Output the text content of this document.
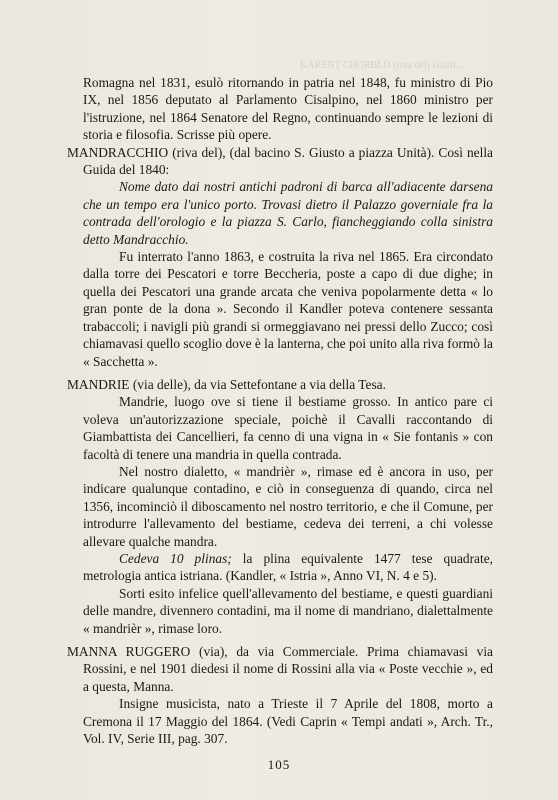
KARENT CHORBLO (riva del) Giard...

Romagna nel 1831, esulò ritornando in patria nel 1848, fu ministro di Pio IX, nel 1856 deputato al Parlamento Cisalpino, nel 1860 ministro per l'istruzione, nel 1864 Senatore del Regno, continuando sempre le lezioni di storia e filosofia. Scrisse più opere.

MANDRACCHIO (riva del), (dal bacino S. Giusto a piazza Unità). Così nella Guida del 1840:

Nome dato dai nostri antichi padroni di barca all'adiacente darsena che un tempo era l'unico porto. Trovasi dietro il Palazzo governiale fra la contrada dell'orologio e la piazza S. Carlo, fiancheggiando colla sinistra detto Mandracchio.

Fu interrato l'anno 1863, e costruita la riva nel 1865. Era circondato dalla torre dei Pescatori e torre Beccheria, poste a capo di due dighe; in quella dei Pescatori una grande arcata che veniva popolarmente detta « lo gran ponte de la dona ». Secondo il Kandler poteva contenere sessanta trabaccoli; i navigli più grandi si ormeggiavano nei pressi dello Zucco; così chiamavasi quello scoglio dove è la lanterna, che poi unito alla riva formò la « Sacchetta ».

MANDRIE (via delle), da via Settefontane a via della Tesa.

Mandrie, luogo ove si tiene il bestiame grosso. In antico pare ci voleva un'autorizzazione speciale, poichè il Cavalli raccontando di Giambattista dei Cancellieri, fa cenno di una vigna in « Sie fontanis » con facoltà di tenere una mandria in quella contrada.

Nel nostro dialetto, « mandrièr », rimase ed è ancora in uso, per indicare qualunque contadino, e ciò in conseguenza di quando, circa nel 1356, incominciò il diboscamento nel nostro territorio, e che il Comune, per introdurre l'allevamento del bestiame, cedeva dei terreni, a chi volesse allevare qualche mandra.

Cedeva 10 plinas; la plina equivalente 1477 tese quadrate, metrologia antica istriana. (Kandler, « Istria », Anno VI, N. 4 e 5).

Sorti esito infelice quell'allevamento del bestiame, e questi guardiani delle mandre, divennero contadini, ma il nome di mandriano, dialettalmente « mandrièr », rimase loro.

MANNA RUGGERO (via), da via Commerciale. Prima chiamavasi via Rossini, e nel 1901 diedesi il nome di Rossini alla via « Poste vecchie », ed a questa, Manna.

Insigne musicista, nato a Trieste il 7 Aprile del 1808, morto a Cremona il 17 Maggio del 1864. (Vedi Caprin « Tempi andati », Arch. Tr., Vol. IV, Serie III, pag. 307.

105
